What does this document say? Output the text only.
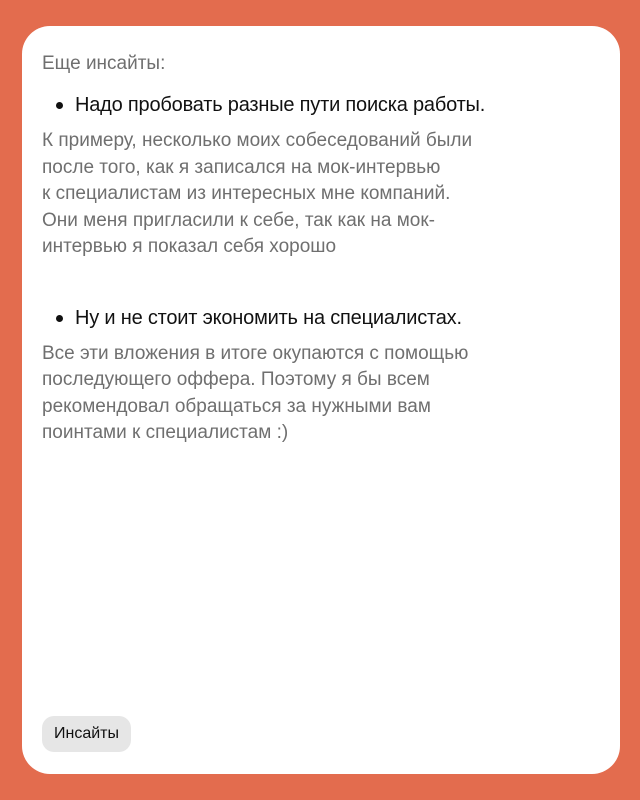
Еще инсайты:

Надо пробовать разные пути поиска работы.

К примеру, несколько моих собеседований были
после того, как я записался на мок-интервью
к специалистам из интересных мне компаний.
Они меня пригласили к себе, так как на мок-
интервью я показал себя хорошо

Ну и не стоит экономить на специалистах.

Все эти вложения в итоге окупаются с помощью
последующего оффера. Поэтому я бы всем
рекомендовал обращаться за нужными вам
поинтами к специалистам :)

Инсайты
